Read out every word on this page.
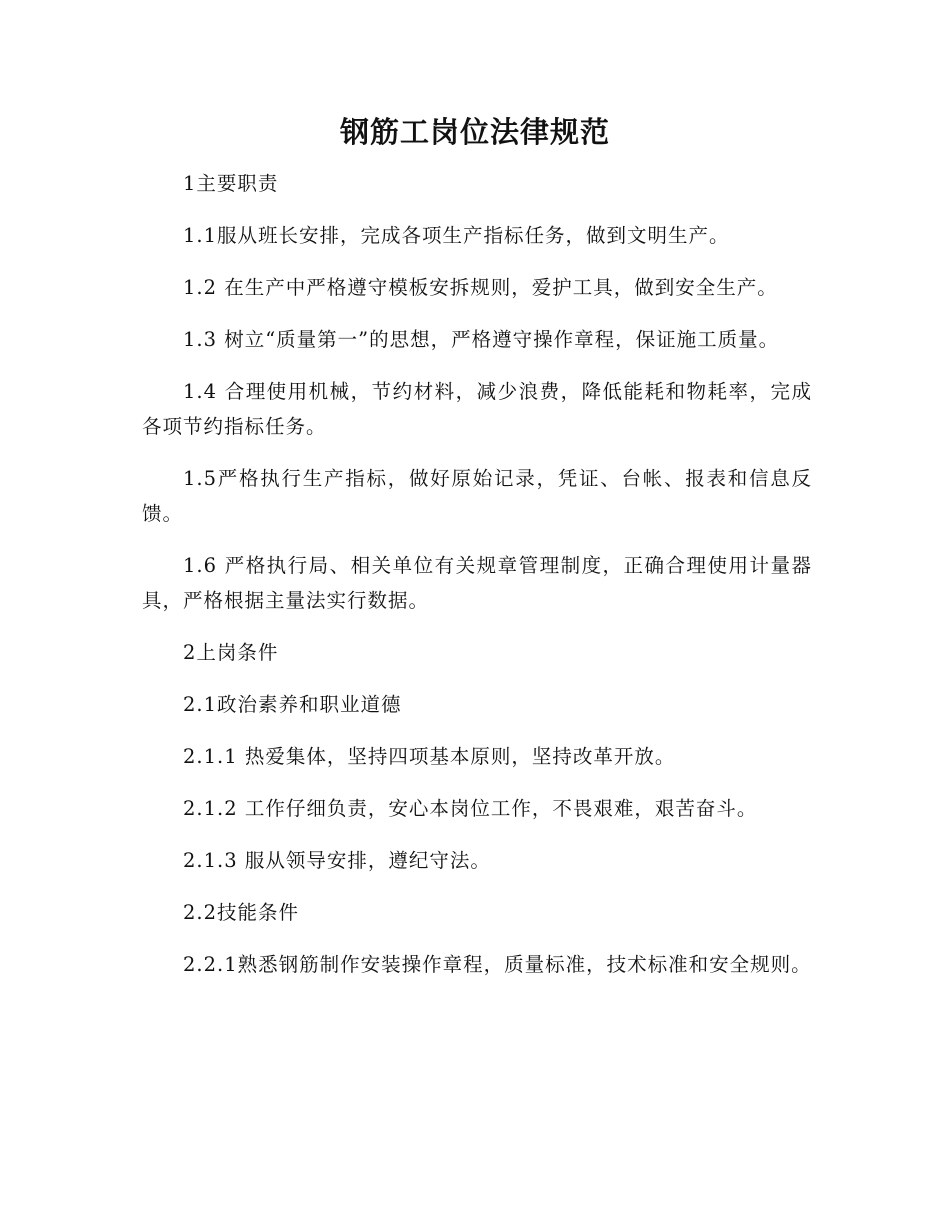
钢筋工岗位法律规范

1主要职责

1.1服从班长安排，完成各项生产指标任务，做到文明生产。

1.2 在生产中严格遵守模板安拆规则，爱护工具，做到安全生产。

1.3 树立“质量第一”的思想，严格遵守操作章程，保证施工质量。

1.4 合理使用机械，节约材料，减少浪费，降低能耗和物耗率，完成各项节约指标任务。

1.5严格执行生产指标，做好原始记录，凭证、台帐、报表和信息反馈。

1.6 严格执行局、相关单位有关规章管理制度，正确合理使用计量器具，严格根据主量法实行数据。

2上岗条件

2.1政治素养和职业道德

2.1.1 热爱集体，坚持四项基本原则，坚持改革开放。

2.1.2 工作仔细负责，安心本岗位工作，不畏艰难，艰苦奋斗。

2.1.3 服从领导安排，遵纪守法。

2.2技能条件

2.2.1熟悉钢筋制作安装操作章程，质量标准，技术标准和安全规则。
